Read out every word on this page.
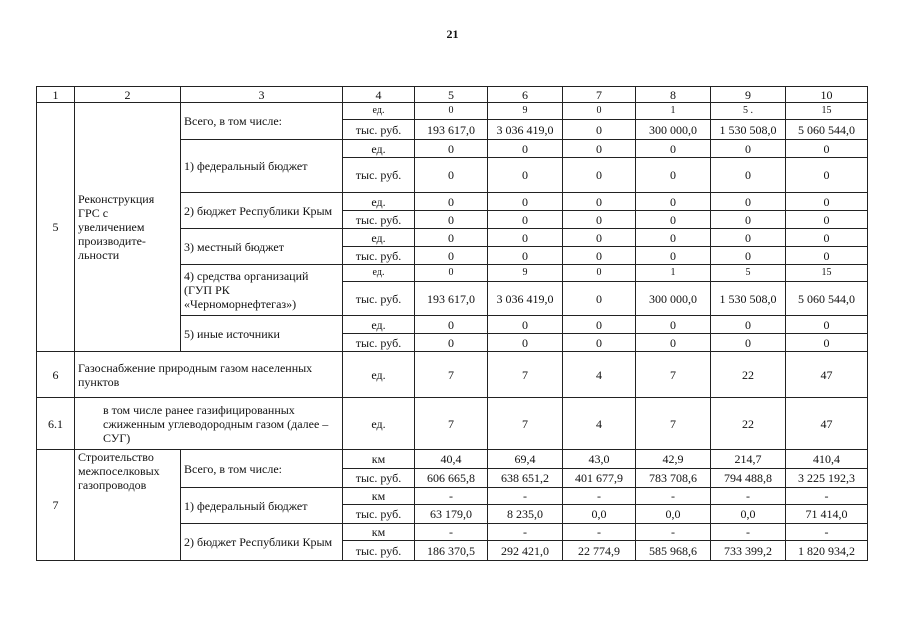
21
1	2	3	4	5	6	7	8	9	10
5	Реконструкция ГРС с увеличением производите-льности	Всего, в том числе:	ед.	0	9	0	1	5 .	15
			тыс. руб.	193 617,0	3 036 419,0	0	300 000,0	1 530 508,0	5 060 544,0
		1) федеральный бюджет	ед.	0	0	0	0	0	0
			тыс. руб.	0	0	0	0	0	0
		2) бюджет Республики Крым	ед.	0	0	0	0	0	0
			тыс. руб.	0	0	0	0	0	0
		3) местный бюджет	ед.	0	0	0	0	0	0
			тыс. руб.	0	0	0	0	0	0
		4) средства организаций (ГУП РК «Черноморнефтегаз»)	ед.	0	9	0	1	5	15
			тыс. руб.	193 617,0	3 036 419,0	0	300 000,0	1 530 508,0	5 060 544,0
		5) иные источники	ед.	0	0	0	0	0	0
			тыс. руб.	0	0	0	0	0	0
6	Газоснабжение природным газом населенных пунктов		ед.	7	7	4	7	22	47
6.1	в том числе ранее газифицированных сжиженным углеводородным газом (далее – СУГ)		ед.	7	7	4	7	22	47
7	Строительство межпоселковых газопроводов	Всего, в том числе:	км	40,4	69,4	43,0	42,9	214,7	410,4
			тыс. руб.	606 665,8	638 651,2	401 677,9	783 708,6	794 488,8	3 225 192,3
		1) федеральный бюджет	км	-	-	-	-	-	-
			тыс. руб.	63 179,0	8 235,0	0,0	0,0	0,0	71 414,0
		2) бюджет Республики Крым	км	-	-	-	-	-	-
			тыс. руб.	186 370,5	292 421,0	22 774,9	585 968,6	733 399,2	1 820 934,2
